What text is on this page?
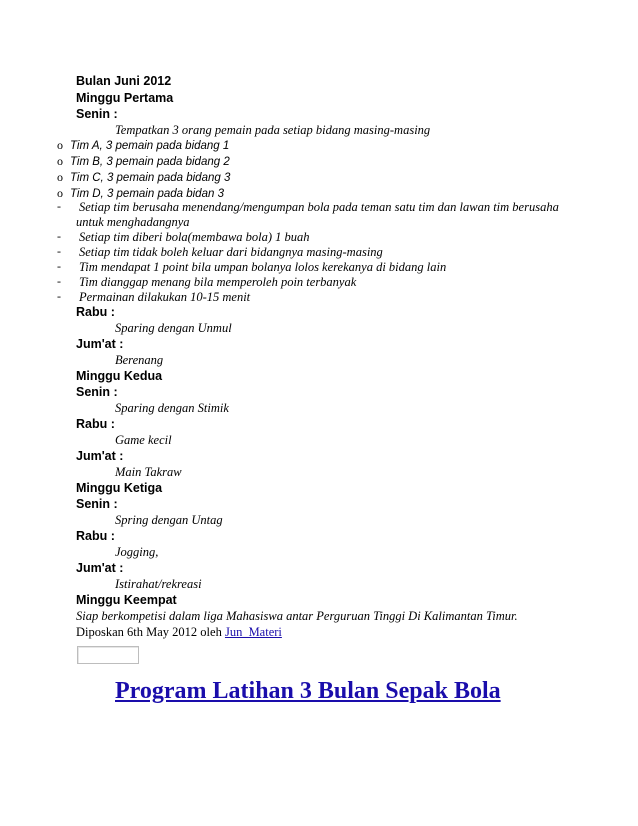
Bulan Juni 2012
Minggu Pertama
Senin :
Tempatkan 3 orang pemain pada setiap bidang masing-masing
o Tim A, 3 pemain pada bidang 1
o Tim B, 3 pemain pada bidang 2
o Tim C, 3 pemain pada bidang 3
o Tim D, 3 pemain pada bidan 3
- Setiap tim berusaha menendang/mengumpan bola pada teman satu tim dan lawan tim berusaha
untuk menghadangnya
- Setiap tim diberi bola(membawa bola) 1 buah
- Setiap tim tidak boleh keluar dari bidangnya masing-masing
- Tim mendapat 1 point bila umpan bolanya lolos kerekanya di bidang lain
- Tim dianggap menang bila memperoleh poin terbanyak
- Permainan dilakukan 10-15 menit
Rabu :
Sparing dengan Unmul
Jum'at :
Berenang
Minggu Kedua
Senin :
Sparing dengan Stimik
Rabu :
Game kecil
Jum'at :
Main Takraw
Minggu Ketiga
Senin :
Spring dengan Untag
Rabu :
Jogging,
Jum'at :
Istirahat/rekreasi
Minggu Keempat
Siap berkompetisi dalam liga Mahasiswa antar Perguruan Tinggi Di Kalimantan Timur.
Diposkan 6th May 2012 oleh Jun_Materi
Program Latihan 3 Bulan Sepak Bola
